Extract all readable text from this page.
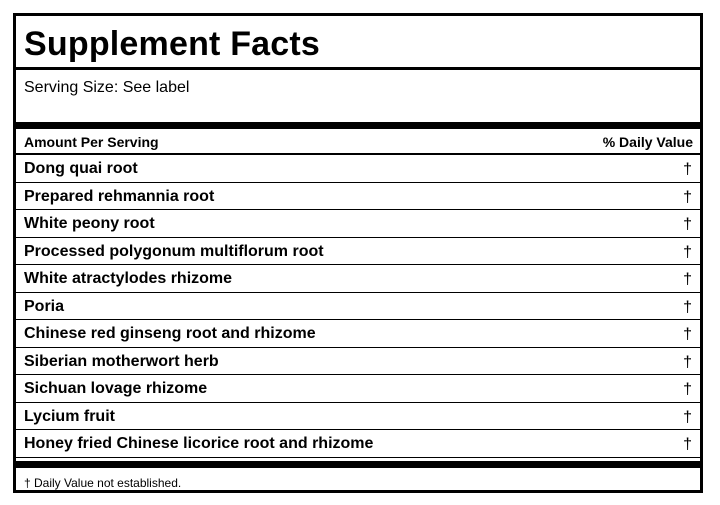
Supplement Facts
Serving Size: See label
Amount Per Serving	% Daily Value
Dong quai root	†
Prepared rehmannia root	†
White peony root	†
Processed polygonum multiflorum root	†
White atractylodes rhizome	†
Poria	†
Chinese red ginseng root and rhizome	†
Siberian motherwort herb	†
Sichuan lovage rhizome	†
Lycium fruit	†
Honey fried Chinese licorice root and rhizome	†
† Daily Value not established.
